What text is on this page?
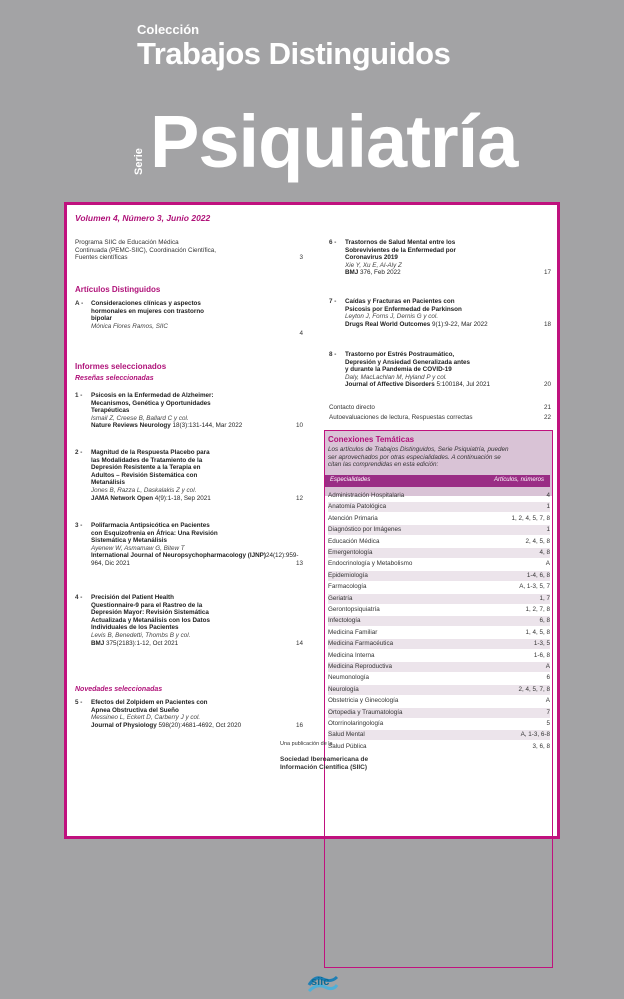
Colección
Trabajos Distinguidos
Serie Psiquiatría
Volumen 4, Número 3, Junio 2022
Programa SIIC de Educación Médica
Continuada (PEMC-SIIC), Coordinación Científica,
Fuentes científicas	3
Artículos Distinguidos
A - Consideraciones clínicas y aspectos
hormonales en mujeres con trastorno
bipolar
Mónica Flores Ramos, SIIC
4
Informes seleccionados
Reseñas seleccionadas
1 - Psicosis en la Enfermedad de Alzheimer:
Mecanismos, Genética y Oportunidades
Terapéuticas
Ismail Z, Creese B, Ballard C y col.
Nature Reviews Neurology 18(3):131-144, Mar 2022	10
2 - Magnitud de la Respuesta Placebo para
las Modalidades de Tratamiento de la
Depresión Resistente a la Terapia en
Adultos – Revisión Sistemática con
Metanálisis
Jones B, Razza L, Daskalakis Z y col.
JAMA Network Open 4(9):1-18, Sep 2021	12
3 - Polifarmacia Antipsicótica en Pacientes
con Esquizofrenia en África: Una Revisión
Sistemática y Metanálisis
Ayenew W, Asmamaw G, Bitew T
International Journal of Neuropsychopharmacology (IJNP)24(12):959-964, Dic 2021	13
4 - Precisión del Patient Health
Questionnaire-9 para el Rastreo de la
Depresión Mayor: Revisión Sistemática
Actualizada y Metanálisis con los Datos
Individuales de los Pacientes
Levis B, Benedetti, Thombs B y col.
BMJ 375(2183):1-12, Oct 2021	14
Novedades seleccionadas
5 - Efectos del Zolpidem en Pacientes con
Apnea Obstructiva del Sueño
Messineo L, Eckert D, Carberry J y col.
Journal of Physiology 598(20):4681-4692, Oct 2020	16
6 - Trastornos de Salud Mental entre los
Sobrevivientes de la Enfermedad por
Coronavirus 2019
Xie Y, Xu E, Al-Aly Z
BMJ 376, Feb 2022	17
7 - Caídas y Fracturas en Pacientes con
Psicosis por Enfermedad de Parkinson
Leyton J, Forns J, Dernis G y col.
Drugs Real World Outcomes 9(1):9-22, Mar 2022	18
8 - Trastorno por Estrés Postraumático,
Depresión y Ansiedad Generalizada antes
y durante la Pandemia de COVID-19
Daly, MacLachlan M, Hyland P y col.
Journal of Affective Disorders 5:100184, Jul 2021	20
Contacto directo	21
Autoevaluaciones de lectura, Respuestas correctas	22
Conexiones Temáticas
Los artículos de Trabajos Distinguidos, Serie Psiquiatría, pueden
ser aprovechados por otras especialidades. A continuación se
citan las comprendidas en esta edición:
Especialidades	Artículos, números
Administración Hospitalaria	4
Anatomía Patológica	1
Atención Primaria	1, 2, 4, 5, 7, 8
Diagnóstico por Imágenes	1
Educación Médica	2, 4, 5, 8
Emergentología	4, 8
Endocrinología y Metabolismo	A
Epidemiología	1-4, 6, 8
Farmacología	A, 1-3, 5, 7
Geriatría	1, 7
Gerontopsiquiatría	1, 2, 7, 8
Infectología	6, 8
Medicina Familiar	1, 4, 5, 8
Medicina Farmacéutica	1-3, 5
Medicina Interna	1-6, 8
Medicina Reproductiva	A
Neumonología	6
Neurología	2, 4, 5, 7, 8
Obstetricia y Ginecología	A
Ortopedia y Traumatología	7
Otorrinolaringología	5
Salud Mental	A, 1-3, 6-8
Salud Pública	3, 6, 8
siic
Una publicación de la
Sociedad Iberoamericana de
Información Científica (SIIC)
